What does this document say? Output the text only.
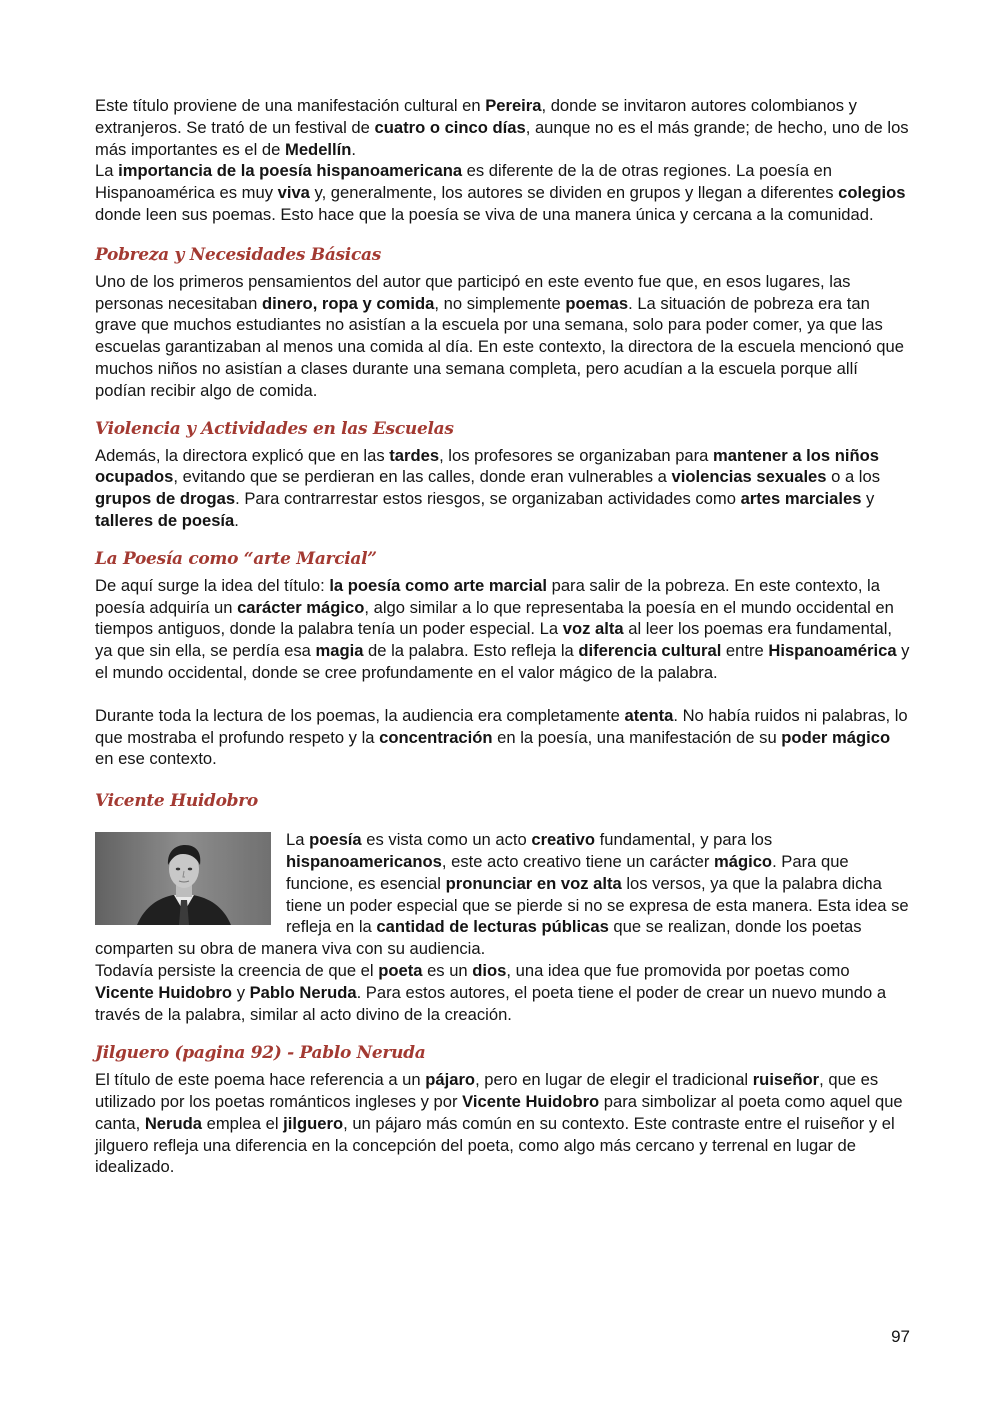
Este título proviene de una manifestación cultural en Pereira, donde se invitaron autores colombianos y extranjeros. Se trató de un festival de cuatro o cinco días, aunque no es el más grande; de hecho, uno de los más importantes es el de Medellín.
La importancia de la poesía hispanoamericana es diferente de la de otras regiones. La poesía en Hispanoamérica es muy viva y, generalmente, los autores se dividen en grupos y llegan a diferentes colegios donde leen sus poemas. Esto hace que la poesía se viva de una manera única y cercana a la comunidad.

Pobreza y Necesidades Básicas

Uno de los primeros pensamientos del autor que participó en este evento fue que, en esos lugares, las personas necesitaban dinero, ropa y comida, no simplemente poemas. La situación de pobreza era tan grave que muchos estudiantes no asistían a la escuela por una semana, solo para poder comer, ya que las escuelas garantizaban al menos una comida al día. En este contexto, la directora de la escuela mencionó que muchos niños no asistían a clases durante una semana completa, pero acudían a la escuela porque allí podían recibir algo de comida.

Violencia y Actividades en las Escuelas

Además, la directora explicó que en las tardes, los profesores se organizaban para mantener a los niños ocupados, evitando que se perdieran en las calles, donde eran vulnerables a violencias sexuales o a los grupos de drogas. Para contrarrestar estos riesgos, se organizaban actividades como artes marciales y talleres de poesía.

La Poesía como “arte Marcial”

De aquí surge la idea del título: la poesía como arte marcial para salir de la pobreza. En este contexto, la poesía adquiría un carácter mágico, algo similar a lo que representaba la poesía en el mundo occidental en tiempos antiguos, donde la palabra tenía un poder especial. La voz alta al leer los poemas era fundamental, ya que sin ella, se perdía esa magia de la palabra. Esto refleja la diferencia cultural entre Hispanoamérica y el mundo occidental, donde se cree profundamente en el valor mágico de la palabra.

Durante toda la lectura de los poemas, la audiencia era completamente atenta. No había ruidos ni palabras, lo que mostraba el profundo respeto y la concentración en la poesía, una manifestación de su poder mágico en ese contexto.

Vicente Huidobro

La poesía es vista como un acto creativo fundamental, y para los hispanoamericanos, este acto creativo tiene un carácter mágico. Para que funcione, es esencial pronunciar en voz alta los versos, ya que la palabra dicha tiene un poder especial que se pierde si no se expresa de esta manera. Esta idea se refleja en la cantidad de lecturas públicas que se realizan, donde los poetas comparten su obra de manera viva con su audiencia.

Todavía persiste la creencia de que el poeta es un dios, una idea que fue promovida por poetas como Vicente Huidobro y Pablo Neruda. Para estos autores, el poeta tiene el poder de crear un nuevo mundo a través de la palabra, similar al acto divino de la creación.

Jilguero (pagina 92) - Pablo Neruda

El título de este poema hace referencia a un pájaro, pero en lugar de elegir el tradicional ruiseñor, que es utilizado por los poetas románticos ingleses y por Vicente Huidobro para simbolizar al poeta como aquel que canta, Neruda emplea el jilguero, un pájaro más común en su contexto. Este contraste entre el ruiseñor y el jilguero refleja una diferencia en la concepción del poeta, como algo más cercano y terrenal en lugar de idealizado.

97
